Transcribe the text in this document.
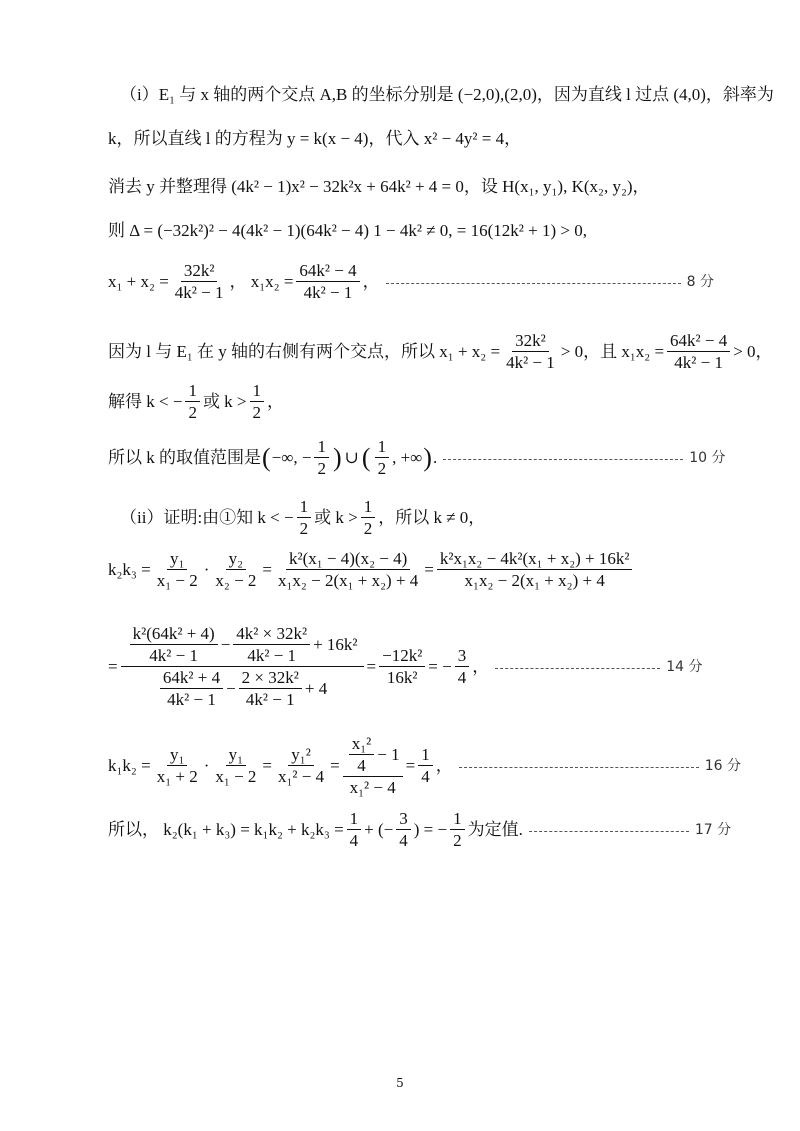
（i）E₁ 与 x 轴的两个交点 A,B 的坐标分别是 (−2,0),(2,0)，因为直线 l 过点 (4,0)，斜率为
k，所以直线 l 的方程为 y = k(x − 4)，代入 x² − 4y² = 4，
消去 y 并整理得 (4k² − 1)x² − 32k²x + 64k² + 4 = 0，设 H(x₁, y₁), K(x₂, y₂)，
则 Δ = (−32k²)² − 4(4k² − 1)(64k² − 4) 1 − 4k² ≠ 0, = 16(12k² + 1) > 0,
$x_1 + x_2 = \frac{\text{32k²}}{\text{4k² − 1}}$ ， $x_1x_2 = \frac{\text{64k² − 4}}{\text{4k² − 1}}$ ，	8 分
因为 l 与 E₁ 在 y 轴的右侧有两个交点，所以 $x_1 + x_2 = \frac{\text{32k²}}{\text{4k² − 1}} > 0$，且 $x_1x_2 = \frac{\text{64k² − 4}}{\text{4k² − 1}} > 0$，
解得 k < − $\frac{1}{2}$ 或 $k > \frac{1}{2}$ ，
所以 k 的取值范围是 ( −∞, − $\frac{1}{2}$ ) ∪ ( $\frac{1}{2}$ , +∞ ) .	10 分
（ii）证明:由①知 k < − $\frac{1}{2}$ 或 $k > \frac{1}{2}$ ，所以 k ≠ 0，
$k_2k_3 = \frac{\text{y₁}}{\text{x₁ − 2}} \cdot \frac{\text{y₂}}{\text{x₂ − 2}} = \frac{\text{k²(x₁ − 4)(x₂ − 4)}}{\text{x₁x₂ − 2(x₁ + x₂) + 4}} = \frac{\text{k²x₁x₂ − 4k²(x₁ + x₂) + 16k²}}{\text{x₁x₂ − 2(x₁ + x₂) + 4}}$
=
$\frac{\text{k²(64k² + 4)}}{\text{4k² − 1}} - \frac{\text{4k² × 32k²}}{\text{4k² − 1}} + 16k^2$
$\frac{\text{64k² + 4}}{\text{4k² − 1}} - \frac{\text{2 × 32k²}}{\text{4k² − 1}} + 4$
= $\frac{\text{−12k²}}{\text{16k²}}$ = − $\frac{3}{4}$ ，	14 分
$k_1k_2 = \frac{\text{y₁}}{\text{x₁ + 2}} \cdot \frac{\text{y₁}}{\text{x₁ − 2}} = \frac{\text{y₁²}}{\text{x₁² − 4}} = \frac{\frac{\text{x₁²}}{4} - 1}{\text{x₁² − 4}} = \frac{1}{4}$ ，	16 分
所以， $k_2(k_1 + k_3) = k_1k_2 + k_2k_3 = \frac{1}{4}$ + (− $\frac{3}{4}$ ) = − $\frac{1}{2}$ 为定值.	17 分
5
